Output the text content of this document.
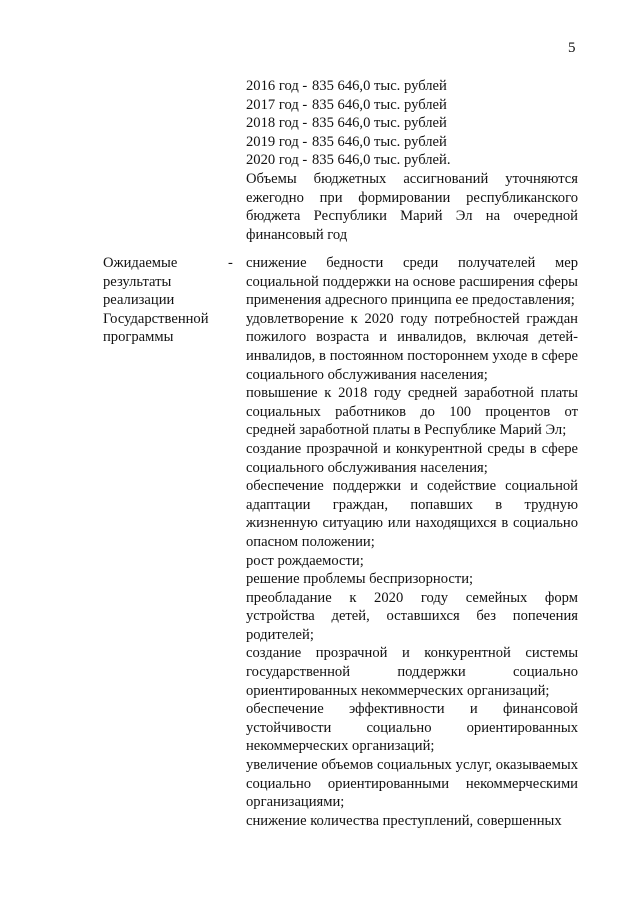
5
2016 год - 835 646,0 тыс. рублей
2017 год - 835 646,0 тыс. рублей
2018 год - 835 646,0 тыс. рублей
2019 год - 835 646,0 тыс. рублей
2020 год - 835 646,0 тыс. рублей.
Объемы бюджетных ассигнований уточняются ежегодно при формировании республиканского бюджета Республики Марий Эл на очередной финансовый год
Ожидаемые
результаты
реализации
Государственной
программы
- снижение бедности среди получателей мер социальной поддержки на основе расширения сферы применения адресного принципа ее предоставления;
удовлетворение к 2020 году потребностей граждан пожилого возраста и инвалидов, включая детей-инвалидов, в постоянном постороннем уходе в сфере социального обслуживания населения;
повышение к 2018 году средней заработной платы социальных работников до 100 процентов от средней заработной платы в Республике Марий Эл;
создание прозрачной и конкурентной среды в сфере социального обслуживания населения;
обеспечение поддержки и содействие социальной адаптации граждан, попавших в трудную жизненную ситуацию или находящихся в социально опасном положении;
рост рождаемости;
решение проблемы беспризорности;
преобладание к 2020 году семейных форм устройства детей, оставшихся без попечения родителей;
создание прозрачной и конкурентной системы государственной поддержки социально ориентированных некоммерческих организаций;
обеспечение эффективности и финансовой устойчивости социально ориентированных некоммерческих организаций;
увеличение объемов социальных услуг, оказываемых социально ориентированными некоммерческими организациями;
снижение количества преступлений, совершенных
